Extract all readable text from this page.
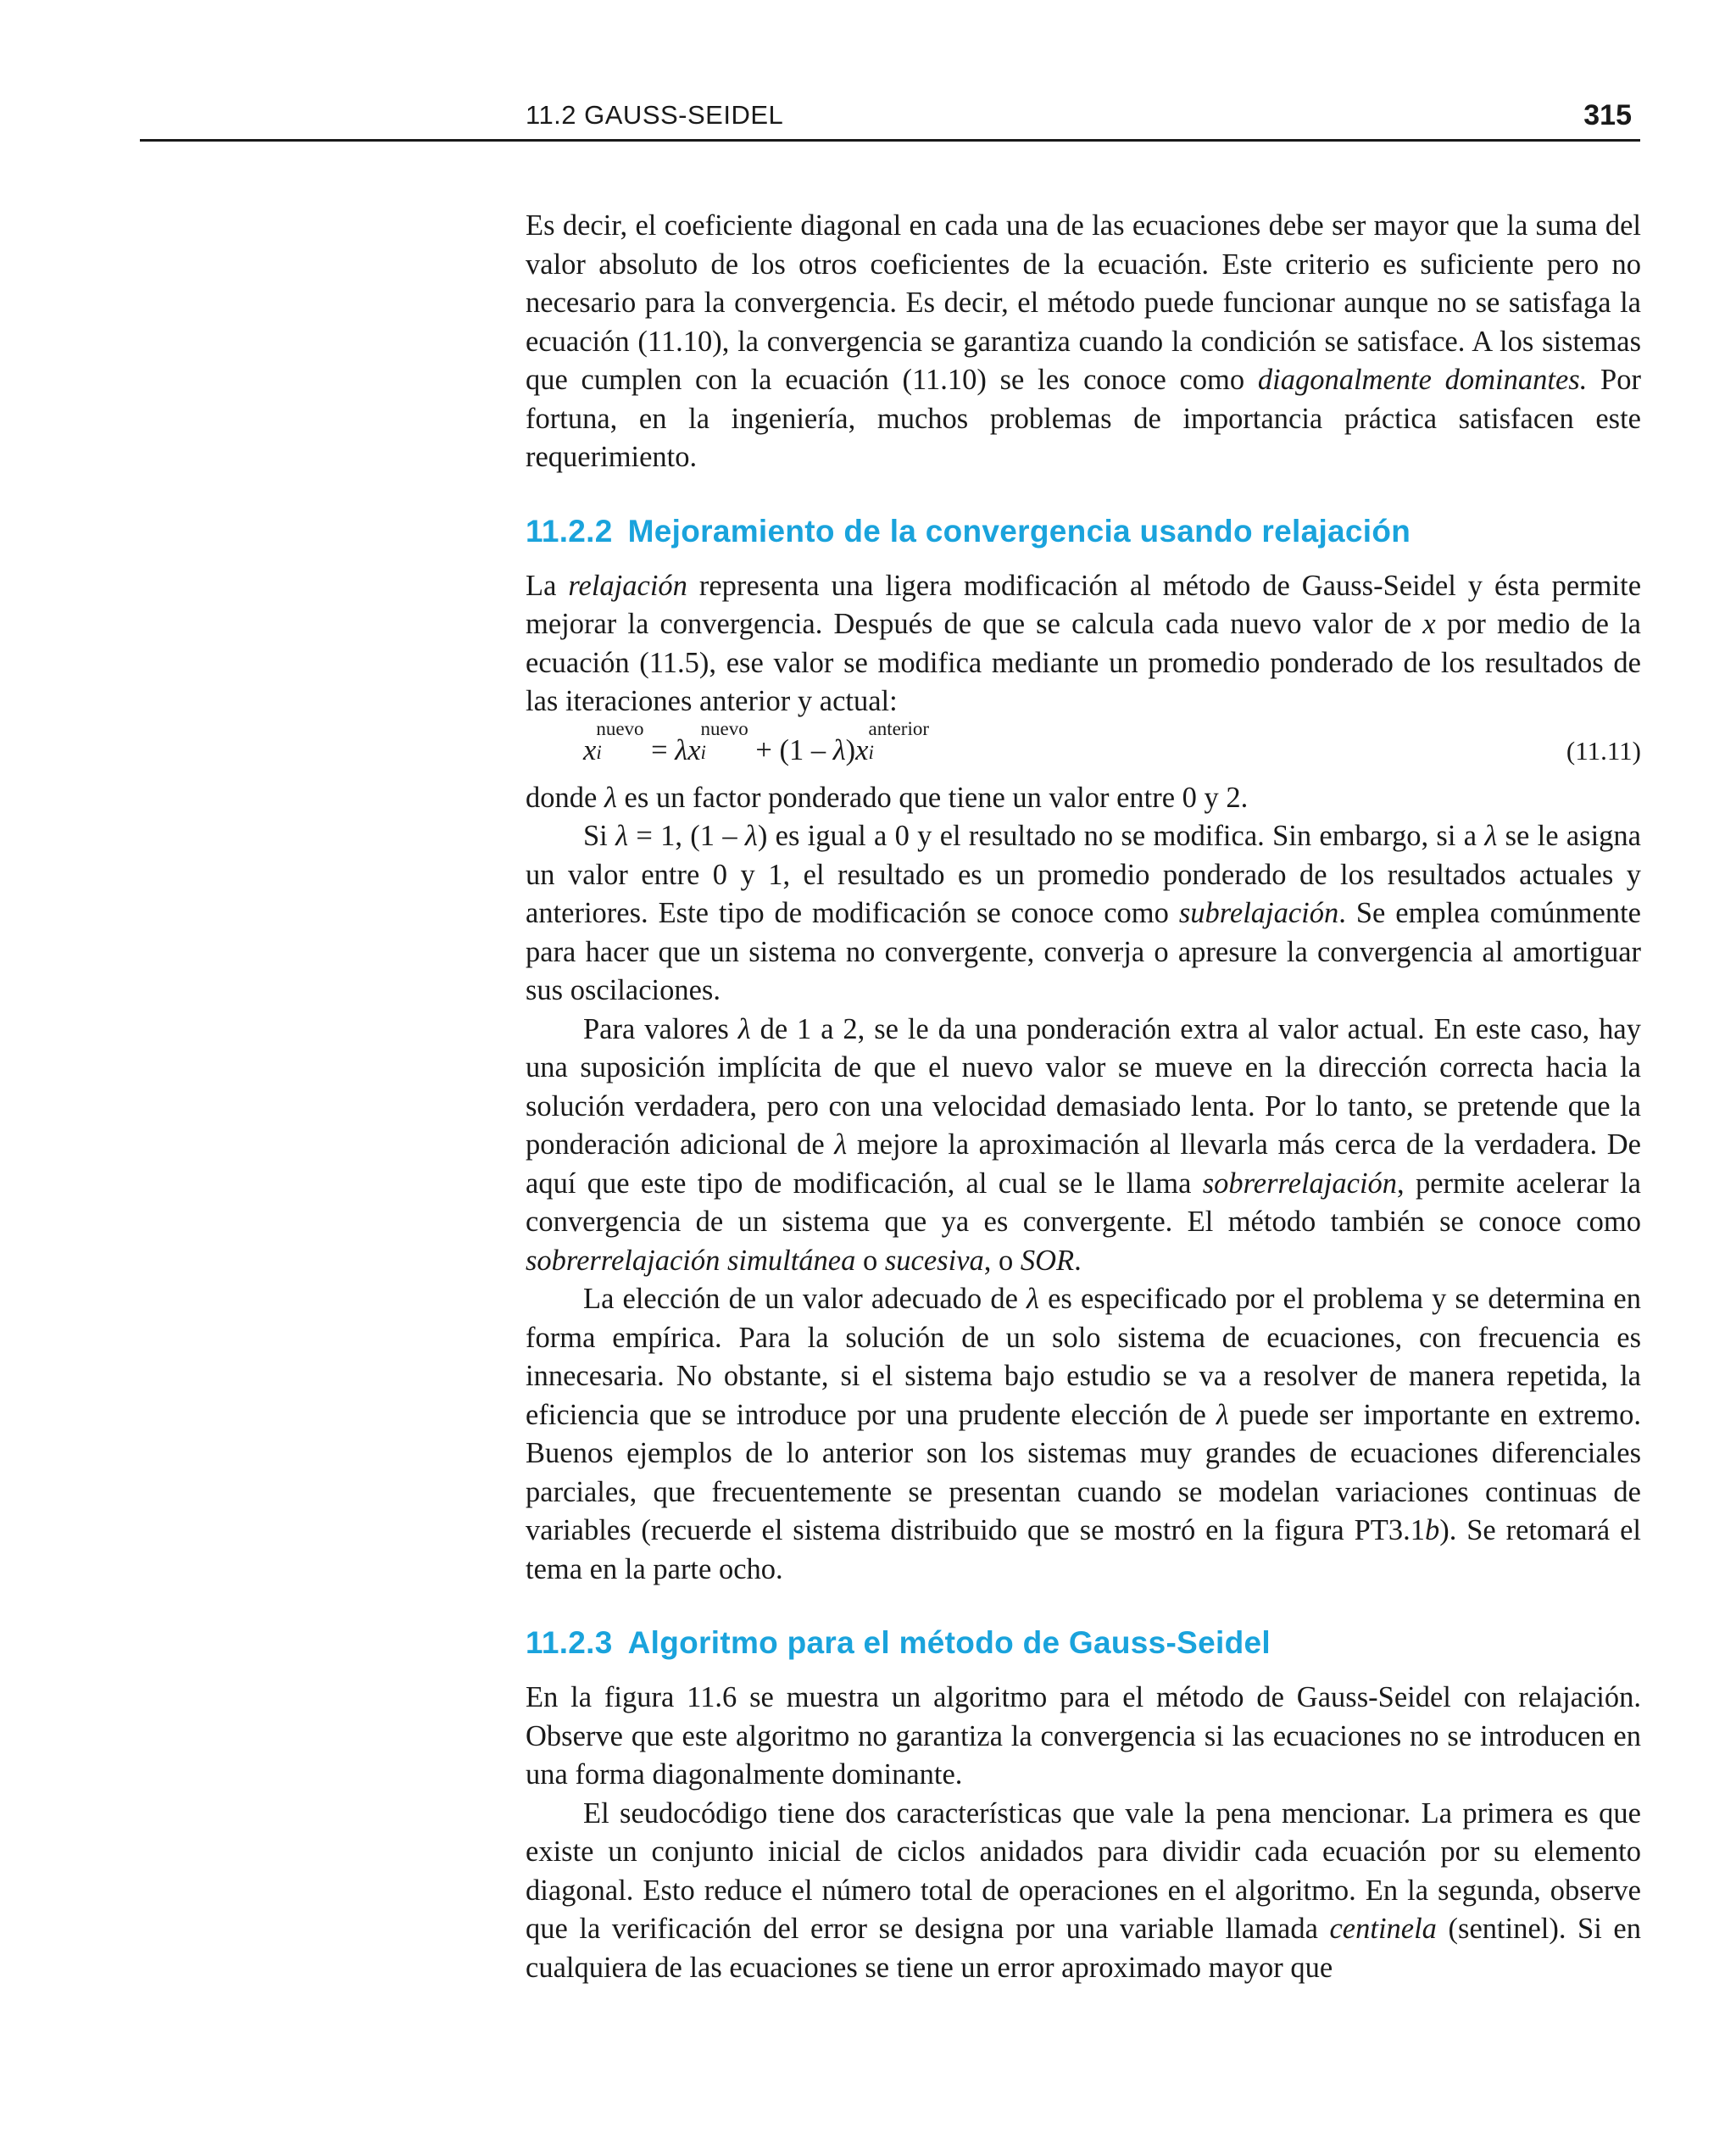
11.2 GAUSS-SEIDEL	315

Es decir, el coeficiente diagonal en cada una de las ecuaciones debe ser mayor que la suma del valor absoluto de los otros coeficientes de la ecuación. Este criterio es suficiente pero no necesario para la convergencia. Es decir, el método puede funcionar aunque no se satisfaga la ecuación (11.10), la convergencia se garantiza cuando la condición se satisface. A los sistemas que cumplen con la ecuación (11.10) se les conoce como diagonalmente dominantes. Por fortuna, en la ingeniería, muchos problemas de importancia práctica satisfacen este requerimiento.

11.2.2 Mejoramiento de la convergencia usando relajación

La relajación representa una ligera modificación al método de Gauss-Seidel y ésta permite mejorar la convergencia. Después de que se calcula cada nuevo valor de x por medio de la ecuación (11.5), ese valor se modifica mediante un promedio ponderado de los resultados de las iteraciones anterior y actual:

x
nuevo
i = λx
nuevo
i + (1 – λ)x
anterior
i	(11.11)

donde λ es un factor ponderado que tiene un valor entre 0 y 2.

Si λ = 1, (1 – λ) es igual a 0 y el resultado no se modifica. Sin embargo, si a λ se le asigna un valor entre 0 y 1, el resultado es un promedio ponderado de los resultados actuales y anteriores. Este tipo de modificación se conoce como subrelajación. Se emplea comúnmente para hacer que un sistema no convergente, converja o apresure la convergencia al amortiguar sus oscilaciones.

Para valores λ de 1 a 2, se le da una ponderación extra al valor actual. En este caso, hay una suposición implícita de que el nuevo valor se mueve en la dirección correcta hacia la solución verdadera, pero con una velocidad demasiado lenta. Por lo tanto, se pretende que la ponderación adicional de λ mejore la aproximación al llevarla más cerca de la verdadera. De aquí que este tipo de modificación, al cual se le llama sobrerrelajación, permite acelerar la convergencia de un sistema que ya es convergente. El método también se conoce como sobrerrelajación simultánea o sucesiva, o SOR.

La elección de un valor adecuado de λ es especificado por el problema y se determina en forma empírica. Para la solución de un solo sistema de ecuaciones, con frecuencia es innecesaria. No obstante, si el sistema bajo estudio se va a resolver de manera repetida, la eficiencia que se introduce por una prudente elección de λ puede ser importante en extremo. Buenos ejemplos de lo anterior son los sistemas muy grandes de ecuaciones diferenciales parciales, que frecuentemente se presentan cuando se modelan variaciones continuas de variables (recuerde el sistema distribuido que se mostró en la figura PT3.1b). Se retomará el tema en la parte ocho.

11.2.3 Algoritmo para el método de Gauss-Seidel

En la figura 11.6 se muestra un algoritmo para el método de Gauss-Seidel con relajación. Observe que este algoritmo no garantiza la convergencia si las ecuaciones no se introducen en una forma diagonalmente dominante.

El seudocódigo tiene dos características que vale la pena mencionar. La primera es que existe un conjunto inicial de ciclos anidados para dividir cada ecuación por su elemento diagonal. Esto reduce el número total de operaciones en el algoritmo. En la segunda, observe que la verificación del error se designa por una variable llamada centinela (sentinel). Si en cualquiera de las ecuaciones se tiene un error aproximado mayor que
